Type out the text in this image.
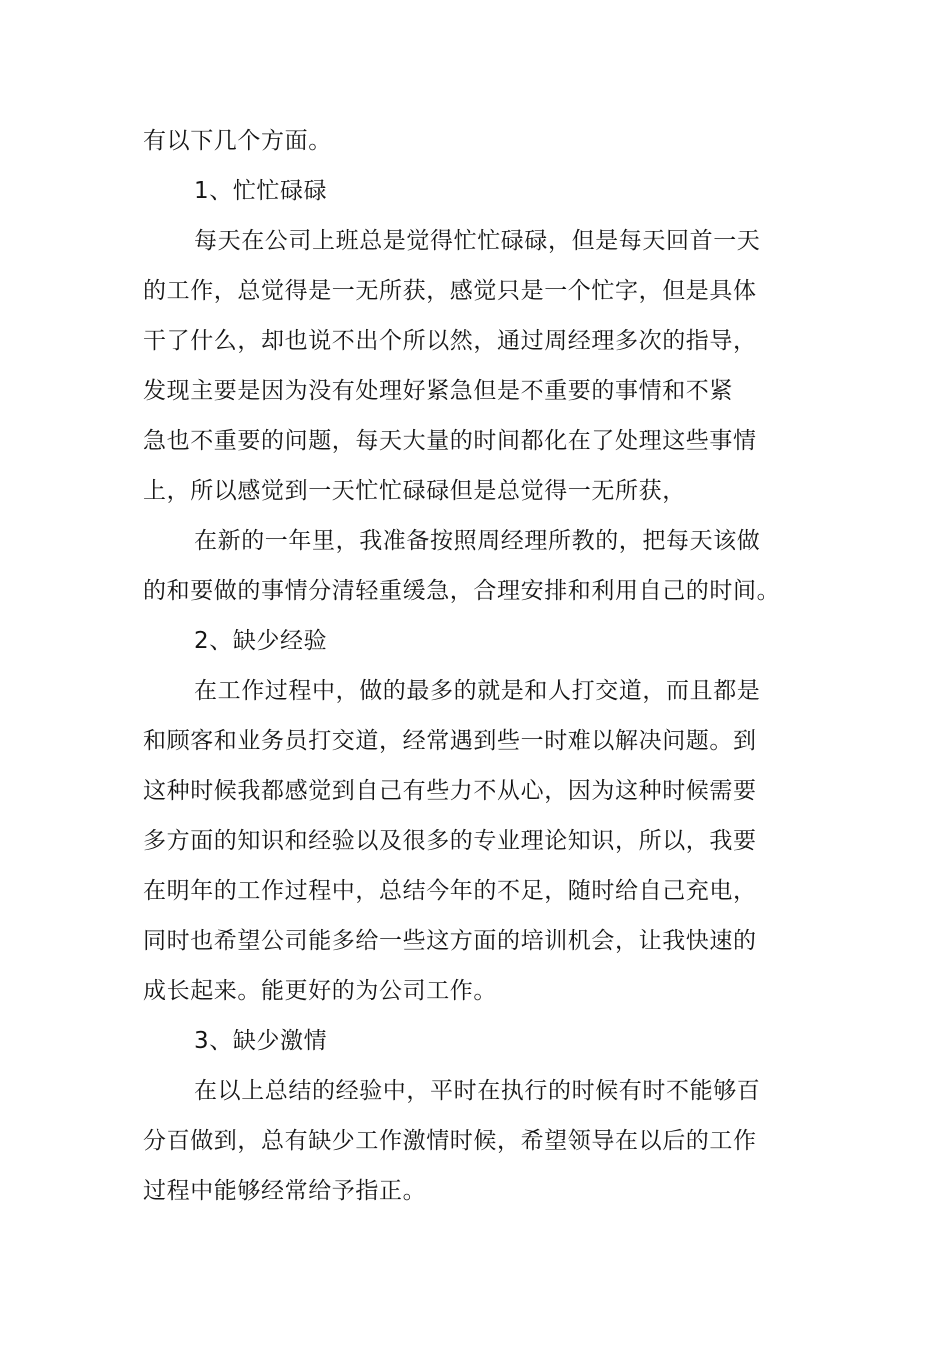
有以下几个方面。
1、忙忙碌碌
每天在公司上班总是觉得忙忙碌碌，但是每天回首一天
的工作，总觉得是一无所获，感觉只是一个忙字，但是具体
干了什么，却也说不出个所以然，通过周经理多次的指导，
发现主要是因为没有处理好紧急但是不重要的事情和不紧
急也不重要的问题，每天大量的时间都化在了处理这些事情
上，所以感觉到一天忙忙碌碌但是总觉得一无所获，
在新的一年里，我准备按照周经理所教的，把每天该做
的和要做的事情分清轻重缓急，合理安排和利用自己的时间。
2、缺少经验
在工作过程中，做的最多的就是和人打交道，而且都是
和顾客和业务员打交道，经常遇到些一时难以解决问题。到
这种时候我都感觉到自己有些力不从心，因为这种时候需要
多方面的知识和经验以及很多的专业理论知识，所以，我要
在明年的工作过程中，总结今年的不足，随时给自己充电，
同时也希望公司能多给一些这方面的培训机会，让我快速的
成长起来。能更好的为公司工作。
3、缺少激情
在以上总结的经验中，平时在执行的时候有时不能够百
分百做到，总有缺少工作激情时候，希望领导在以后的工作
过程中能够经常给予指正。
